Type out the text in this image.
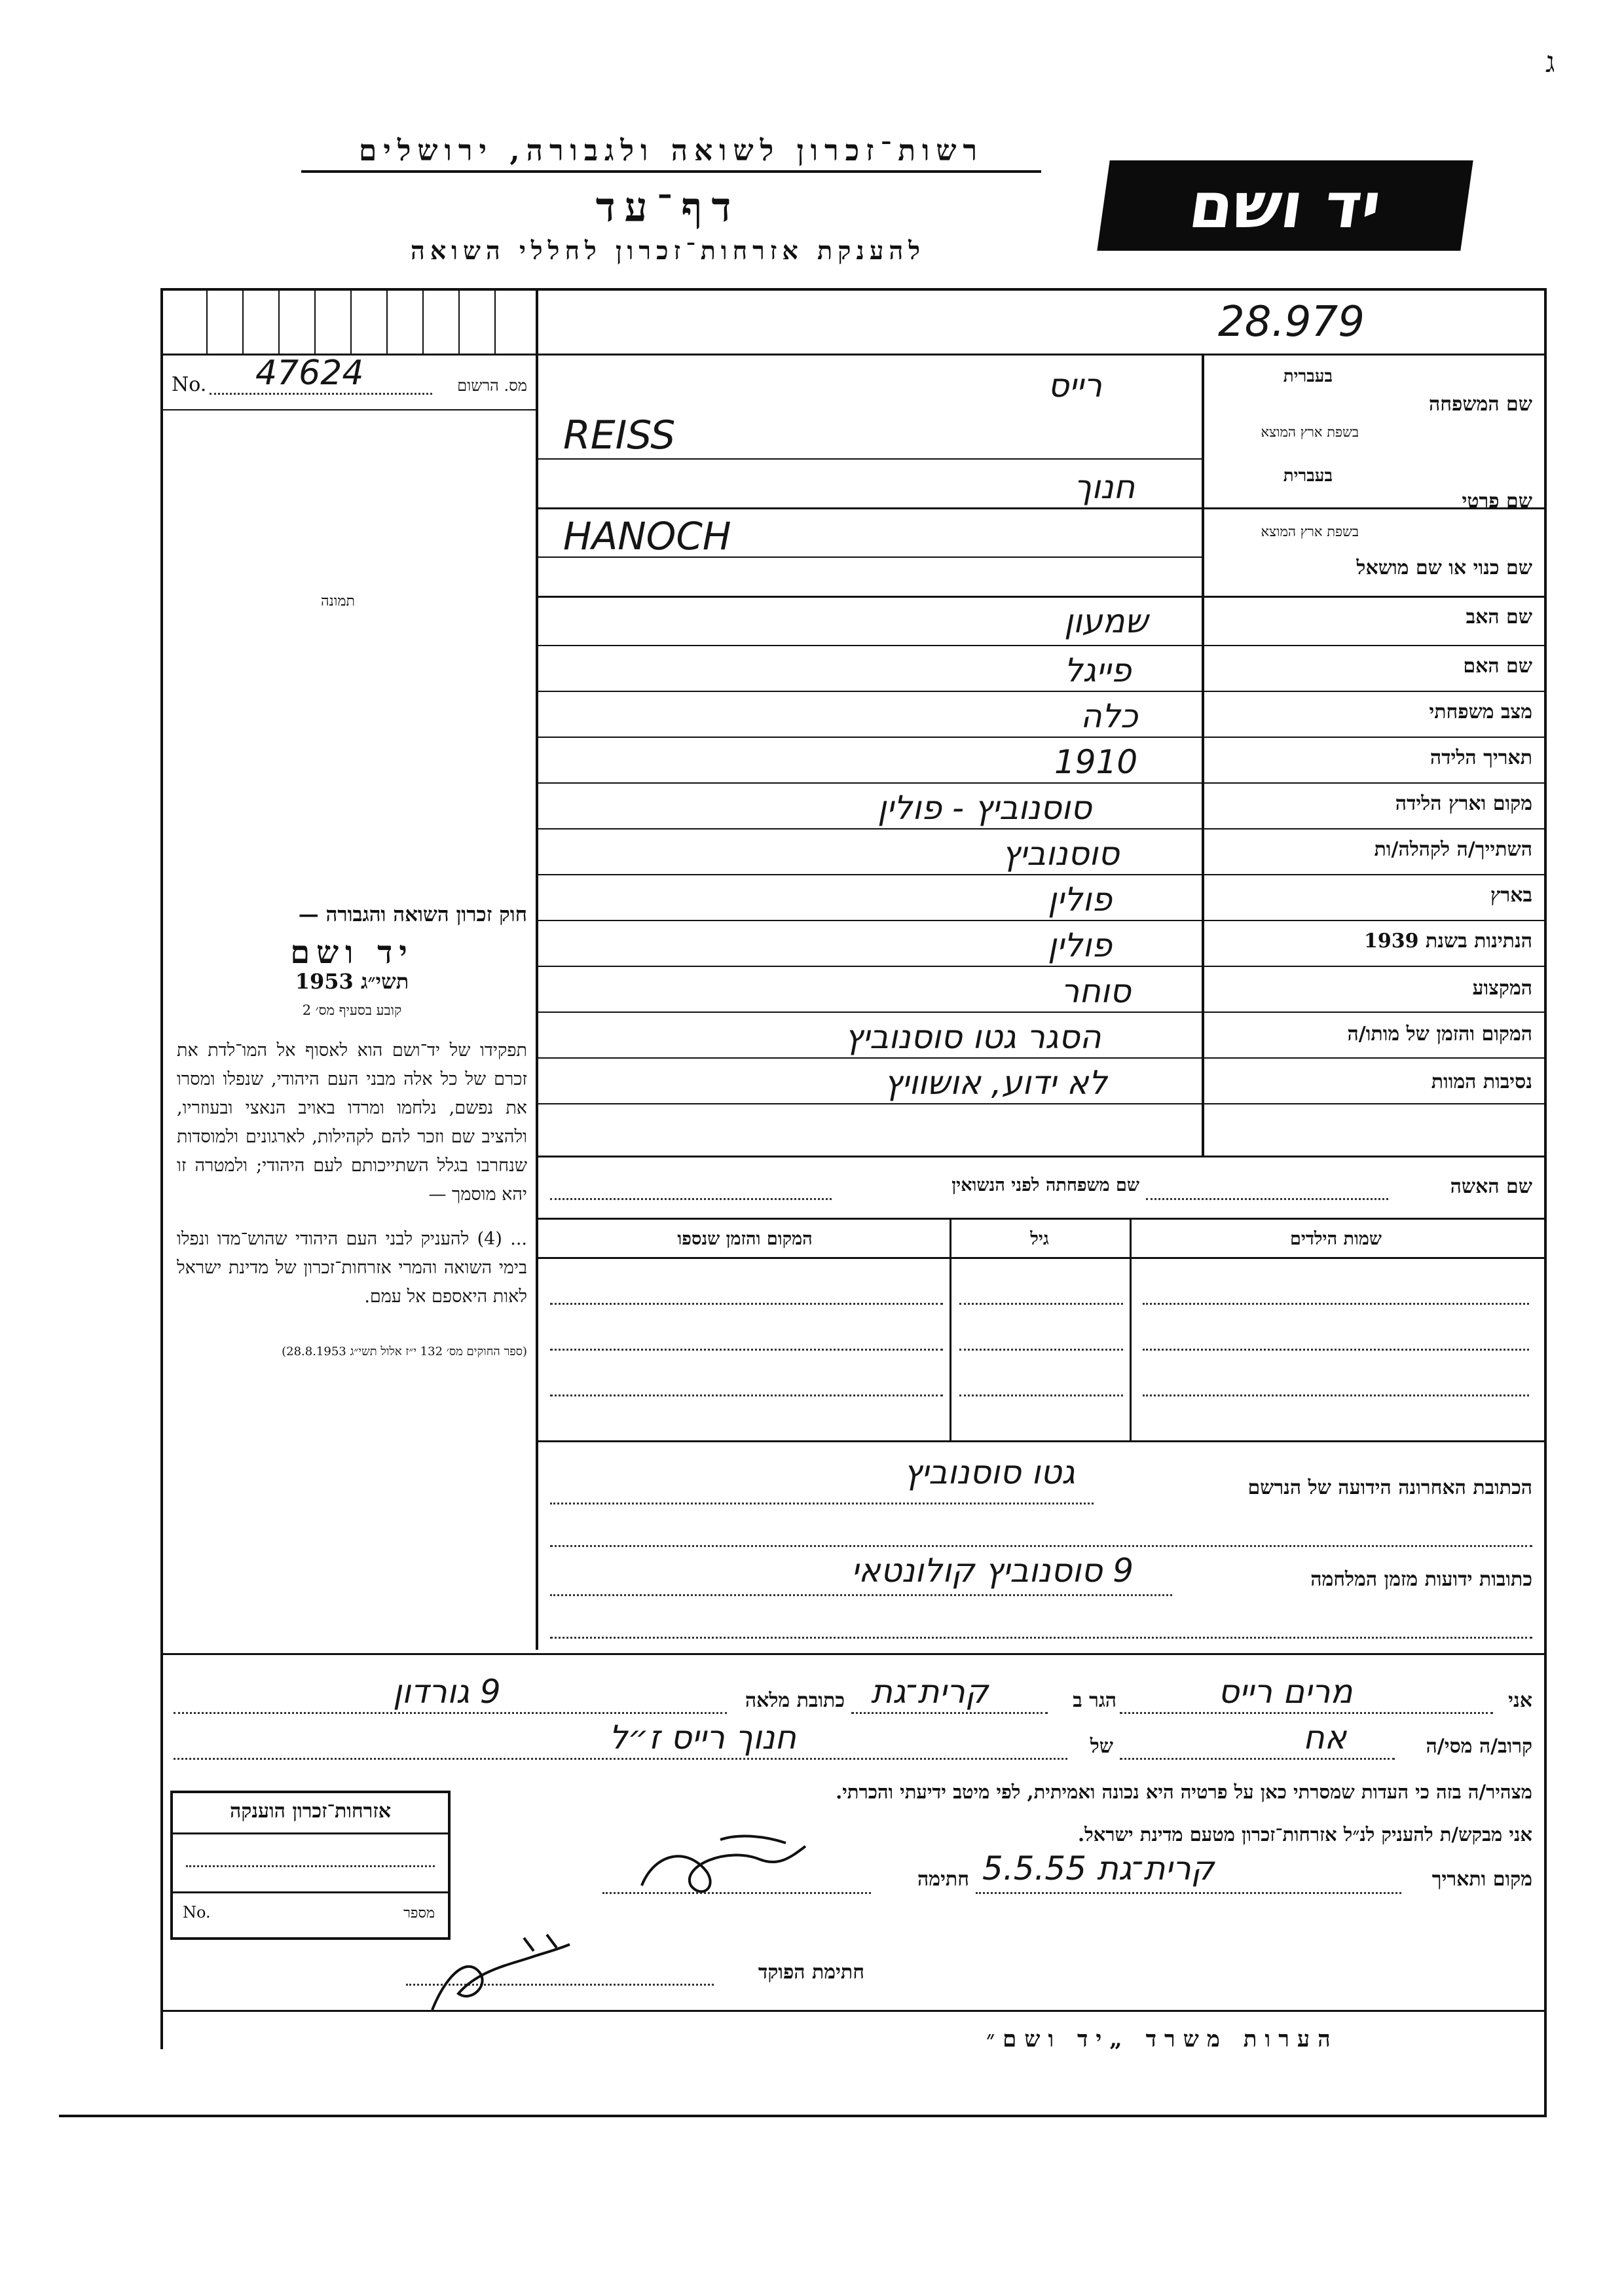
ג
רשות־זכרון לשואה ולגבורה, ירושלים
דף־עד
להענקת אזרחות־זכרון לחללי השואה
יד ושם
28.979
No. 47624	מס. הרשום
תמונה

חוק זכרון השואה והגבורה —

יד ושם

תשי״ג 1953

קובע בסעיף מס׳ 2

תפקידו של יד־ושם הוא לאסוף אל המו־לדת את זכרם של כל אלה מבני העם היהודי, שנפלו ומסרו את נפשם, נלחמו ומרדו באויב הנאצי ובעוזריו, ולהציב שם וזכר להם לקהילות, לארגונים ולמוסדות שנחרבו בגלל השתייכותם לעם היהודי; ולמטרה זו יהא מוסמך —

... (4) להעניק לבני העם היהודי שהוש־מדו ונפלו בימי השואה והמרי אזרחות־זכרון של מדינת ישראל לאות היאספם אל עמם.

(ספר החוקים מס׳ 132 י״ז אלול תשי״ג 28.8.1953)

שם המשפחה
בעברית
בשפת ארץ המוצא
רייס
REISS
שם פרטי
בעברית
בשפת ארץ המוצא
חנוך
HANOCH
שם כנוי או שם מושאל
שם האב
שמעון
שם האם
פייגל
מצב משפחתי
כלה
תאריך הלידה
1910
מקום וארץ הלידה
סוסנוביץ - פולין
השתייך/ה לקהלה/ות
סוסנוביץ
בארץ
פולין
הנתינות בשנת 1939
פולין
המקצוע
סוחר
המקום והזמן של מותו/ה
הסגר גטו סוסנוביץ
נסיבות המוות
לא ידוע, אושוויץ
שם האשה
שם משפחתה לפני הנשואין
שמות הילדים
גיל
המקום והזמן שנספו
הכתובת האחרונה הידועה של הנרשם
גטו סוסנוביץ
כתובות ידועות מזמן המלחמה
9 סוסנוביץ קולונטאי
אני
מרים רייס
הגר ב
קרית־גת
כתובת מלאה
9 גורדון
קרוב/ה מסי/ה
אח
של
חנוך רייס ז״ל
מצהיר/ה בזה כי העדות שמסרתי כאן על פרטיה היא נכונה ואמיתית, לפי מיטב ידיעתי והכרתי.
אני מבקש/ת להעניק לנ״ל אזרחות־זכרון מטעם מדינת ישראל.
מקום ותאריך
קרית־גת 5.5.55
חתימה
חתימת הפוקד
אזרחות־זכרון הוענקה
No.	מספר
הערות משרד „יד ושם״
